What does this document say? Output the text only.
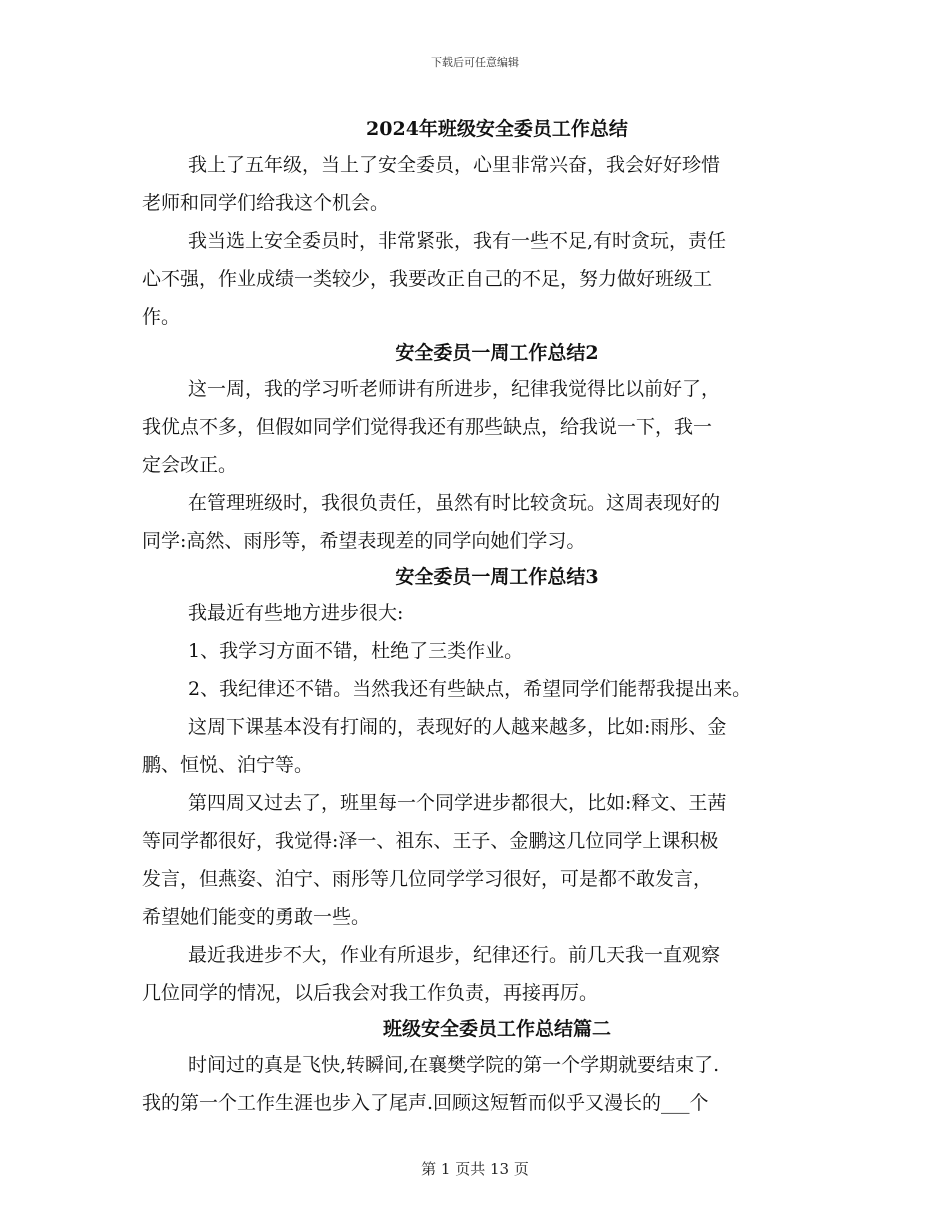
下载后可任意编辑
2024年班级安全委员工作总结

我上了五年级，当上了安全委员，心里非常兴奋，我会好好珍惜
老师和同学们给我这个机会。

我当选上安全委员时，非常紧张，我有一些不足,有时贪玩，责任
心不强，作业成绩一类较少，我要改正自己的不足，努力做好班级工
作。

安全委员一周工作总结2

这一周，我的学习听老师讲有所进步，纪律我觉得比以前好了，
我优点不多，但假如同学们觉得我还有那些缺点，给我说一下，我一
定会改正。

在管理班级时，我很负责任，虽然有时比较贪玩。这周表现好的
同学:高然、雨彤等，希望表现差的同学向她们学习。

安全委员一周工作总结3

我最近有些地方进步很大:

1、我学习方面不错，杜绝了三类作业。

2、我纪律还不错。当然我还有些缺点，希望同学们能帮我提出来。

这周下课基本没有打闹的，表现好的人越来越多，比如:雨彤、金
鹏、恒悦、泊宁等。

第四周又过去了，班里每一个同学进步都很大，比如:释文、王茜
等同学都很好，我觉得:泽一、祖东、王子、金鹏这几位同学上课积极
发言，但燕姿、泊宁、雨彤等几位同学学习很好，可是都不敢发言，
希望她们能变的勇敢一些。

最近我进步不大，作业有所退步，纪律还行。前几天我一直观察
几位同学的情况，以后我会对我工作负责，再接再厉。

班级安全委员工作总结篇二

时间过的真是飞快,转瞬间,在襄樊学院的第一个学期就要结束了.
我的第一个工作生涯也步入了尾声.回顾这短暂而似乎又漫长的___个

第 1 页共 13 页
